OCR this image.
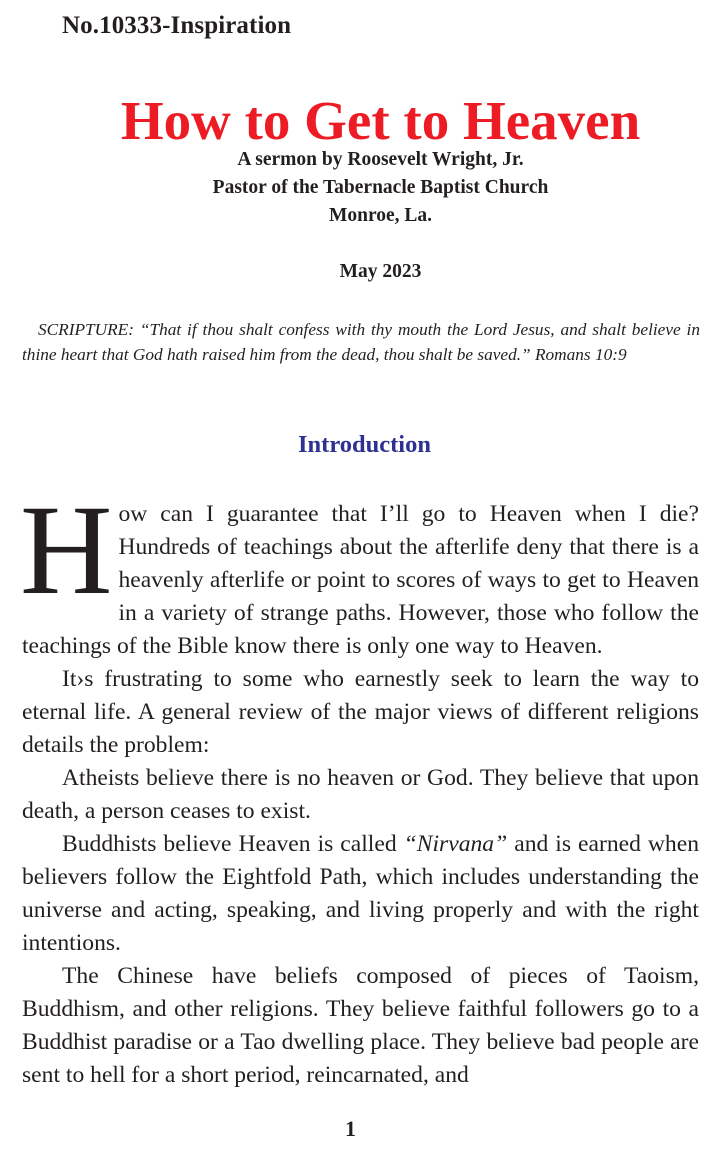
No.10333-Inspiration
How to Get to Heaven
A sermon by Roosevelt Wright, Jr.
Pastor of the Tabernacle Baptist Church
Monroe, La.
May 2023
SCRIPTURE: “That if thou shalt confess with thy mouth the Lord Jesus, and shalt believe in thine heart that God hath raised him from the dead, thou shalt be saved.” Romans 10:9
Introduction

How can I guarantee that I’ll go to Heaven when I die?Hundreds of teachings about the afterlife deny that there is a heavenly afterlife or point to scores of ways to get to Heaven in a variety of strange paths. However, those who follow the teachings of the Bible know there is only one way to Heaven.

It›s frustrating to some who earnestly seek to learn the way to eternal life. A general review of the major views of different religions details the problem:

Atheists believe there is no heaven or God. They believe that upon death, a person ceases to exist.

Buddhists believe Heaven is called “Nirvana” and is earned when believers follow the Eightfold Path, which includes understanding the universe and acting, speaking, and living properly and with the right intentions.

The Chinese have beliefs composed of pieces of Taoism, Buddhism, and other religions. They believe faithful followers go to a Buddhist paradise or a Tao dwelling place. They believe bad people are sent to hell for a short period, reincarnated, and

1
